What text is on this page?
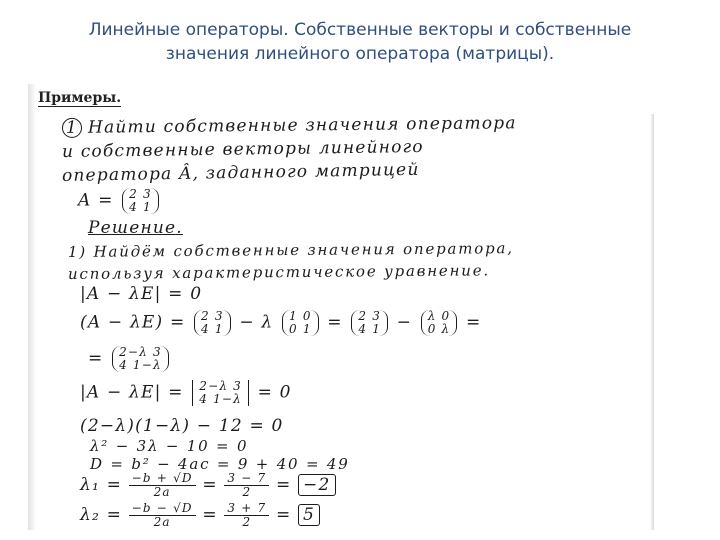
Линейные операторы. Собственные векторы и собственные
значения линейного оператора (матрицы).
Примеры.
1 Найти собственные значения оператора
и собственные векторы линейного
оператора Â, заданного матрицей
A = 2 3
4 1
Решение.
1) Найдём собственные значения оператора,
используя характеристическое уравнение.
|A − λE| = 0
(A − λE) = 2 3
4 1 − λ 1 0
0 1 = 2 3
4 1 − λ 0
0 λ =
= 2−λ 3
4 1−λ
|A − λE| = 2−λ 3
4 1−λ = 0
(2−λ)(1−λ) − 12 = 0
λ² − 3λ − 10 = 0
D = b² − 4ac = 9 + 40 = 49
$\lambda_1 = \frac{-b + √D}{2a} = \frac{3 - 7}{2} = -2$
$\lambda_2 = \frac{-b - √D}{2a} = \frac{3 + 7}{2} = 5$
